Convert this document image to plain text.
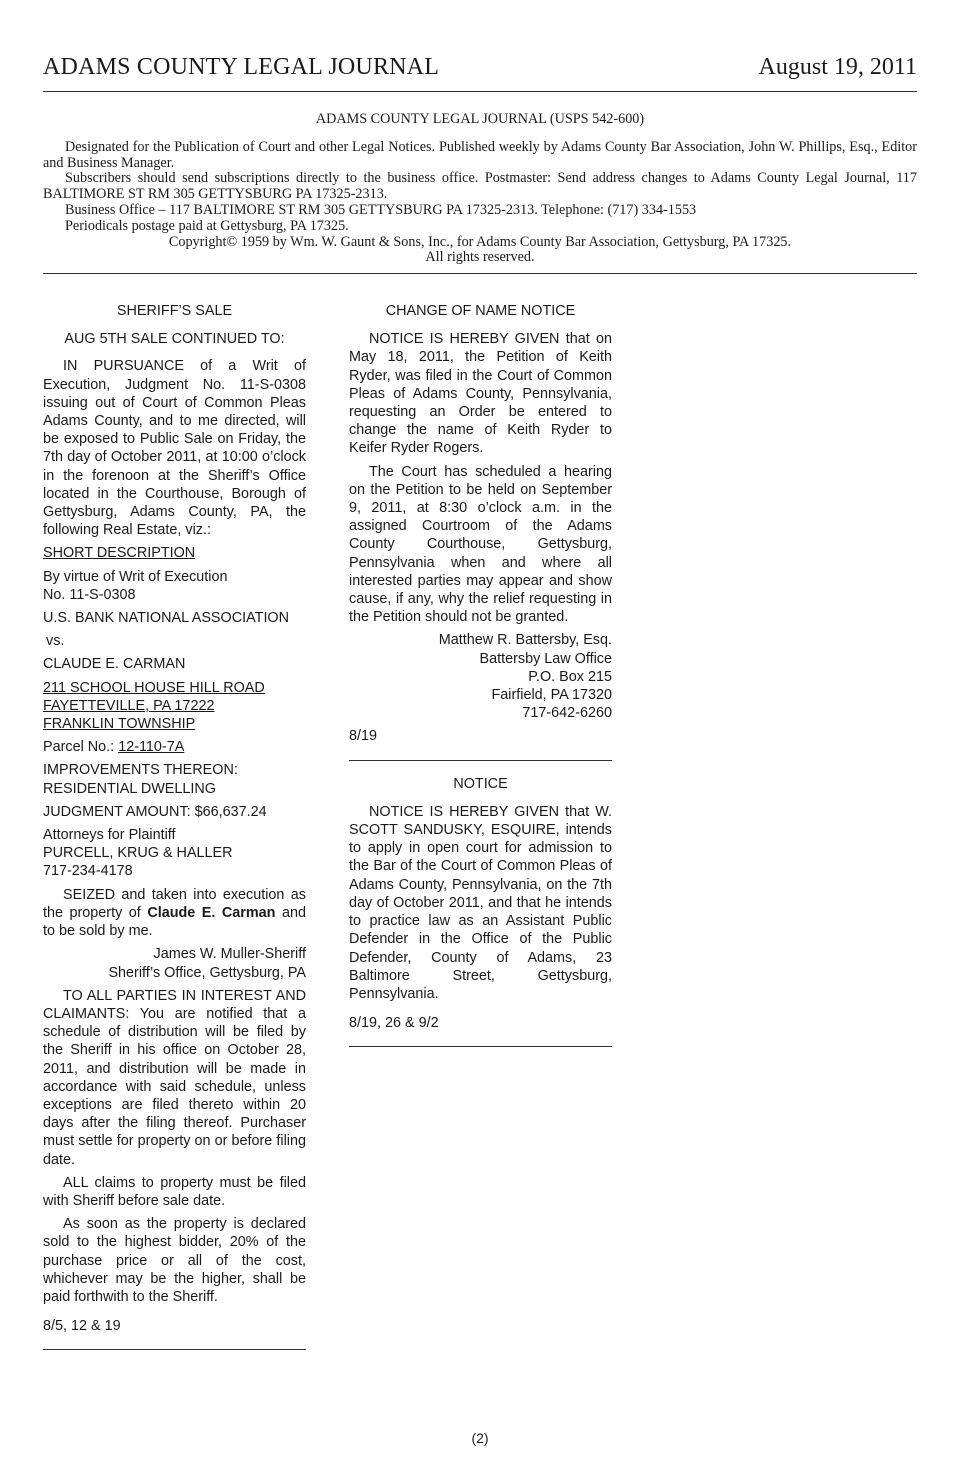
ADAMS COUNTY LEGAL JOURNAL	August 19, 2011
ADAMS COUNTY LEGAL JOURNAL (USPS 542-600)
Designated for the Publication of Court and other Legal Notices. Published weekly by Adams County Bar Association, John W. Phillips, Esq., Editor and Business Manager.
Subscribers should send subscriptions directly to the business office. Postmaster: Send address changes to Adams County Legal Journal, 117 BALTIMORE ST RM 305 GETTYSBURG PA 17325-2313.
Business Office – 117 BALTIMORE ST RM 305 GETTYSBURG PA 17325-2313. Telephone: (717) 334-1553
Periodicals postage paid at Gettysburg, PA 17325.
Copyright© 1959 by Wm. W. Gaunt & Sons, Inc., for Adams County Bar Association, Gettysburg, PA 17325.
All rights reserved.

SHERIFF’S SALE

AUG 5TH SALE CONTINUED TO:

IN PURSUANCE of a Writ of Execution, Judgment No. 11-S-0308 issuing out of Court of Common Pleas Adams County, and to me directed, will be exposed to Public Sale on Friday, the 7th day of October 2011, at 10:00 o’clock in the forenoon at the Sheriff’s Office located in the Courthouse, Borough of Gettysburg, Adams County, PA, the following Real Estate, viz.:

SHORT DESCRIPTION

By virtue of Writ of Execution
No. 11-S-0308

U.S. BANK NATIONAL ASSOCIATION

vs.

CLAUDE E. CARMAN

211 SCHOOL HOUSE HILL ROAD
FAYETTEVILLE, PA 17222
FRANKLIN TOWNSHIP

Parcel No.: 12-110-7A

IMPROVEMENTS THEREON:
RESIDENTIAL DWELLING

JUDGMENT AMOUNT: $66,637.24

Attorneys for Plaintiff
PURCELL, KRUG & HALLER
717-234-4178

SEIZED and taken into execution as the property of Claude E. Carman and to be sold by me.

James W. Muller-Sheriff

Sheriff’s Office, Gettysburg, PA

TO ALL PARTIES IN INTEREST AND CLAIMANTS: You are notified that a schedule of distribution will be filed by the Sheriff in his office on October 28, 2011, and distribution will be made in accordance with said schedule, unless exceptions are filed thereto within 20 days after the filing thereof. Purchaser must settle for property on or before filing date.

ALL claims to property must be filed with Sheriff before sale date.

As soon as the property is declared sold to the highest bidder, 20% of the purchase price or all of the cost, whichever may be the higher, shall be paid forthwith to the Sheriff.

8/5, 12 & 19

CHANGE OF NAME NOTICE

NOTICE IS HEREBY GIVEN that on May 18, 2011, the Petition of Keith Ryder, was filed in the Court of Common Pleas of Adams County, Pennsylvania, requesting an Order be entered to change the name of Keith Ryder to Keifer Ryder Rogers.

The Court has scheduled a hearing on the Petition to be held on September 9, 2011, at 8:30 o’clock a.m. in the assigned Courtroom of the Adams County Courthouse, Gettysburg, Pennsylvania when and where all interested parties may appear and show cause, if any, why the relief requesting in the Petition should not be granted.

Matthew R. Battersby, Esq.

Battersby Law Office

P.O. Box 215

Fairfield, PA 17320

717-642-6260

8/19

NOTICE

NOTICE IS HEREBY GIVEN that W. SCOTT SANDUSKY, ESQUIRE, intends to apply in open court for admission to the Bar of the Court of Common Pleas of Adams County, Pennsylvania, on the 7th day of October 2011, and that he intends to practice law as an Assistant Public Defender in the Office of the Public Defender, County of Adams, 23 Baltimore Street, Gettysburg, Pennsylvania.

8/19, 26 & 9/2

(2)
